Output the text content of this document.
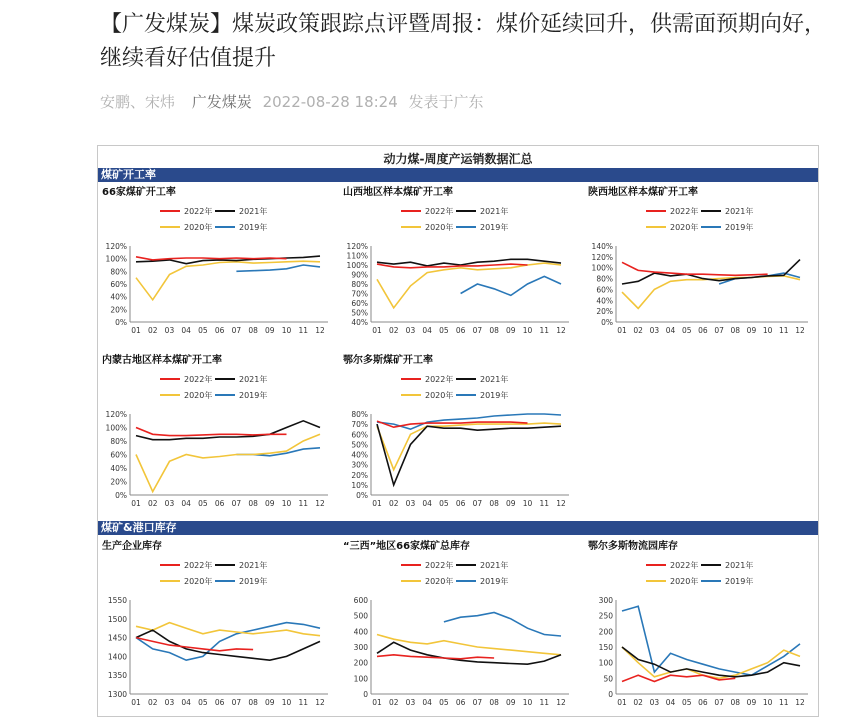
【广发煤炭】煤炭政策跟踪点评暨周报：煤价延续回升，供需面预期向好，继续看好估值提升
安鹏、宋炜 广发煤炭 2022-08-28 18:24 发表于广东
动力煤-周度产运销数据汇总
煤矿开工率
煤矿&港口库存
66家煤矿开工率
2022年	2021年
2020年	2019年
0%
20%
40%
60%
80%
100%
120%
01 02 03 04 05 06 07 08 09 10 11 12
山西地区样本煤矿开工率
2022年	2021年
2020年	2019年
40%
50%
60%
70%
80%
90%
100%
110%
120%
01 02 03 04 05 06 07 08 09 10 11 12
陕西地区样本煤矿开工率
2022年	2021年
2020年	2019年
0%
20%
40%
60%
80%
100%
120%
140%
01 02 03 04 05 06 07 08 09 10 11 12
内蒙古地区样本煤矿开工率
2022年	2021年
2020年	2019年
0%
20%
40%
60%
80%
100%
120%
01 02 03 04 05 06 07 08 09 10 11 12
鄂尔多斯煤矿开工率
2022年	2021年
2020年	2019年
0%
10%
20%
30%
40%
50%
60%
70%
80%
01 02 03 04 05 06 07 08 09 10 11 12
生产企业库存
2022年	2021年
2020年	2019年
1300
1350
1400
1450
1500
1550
01 02 03 04 05 06 07 08 09 10 11 12
“三西”地区66家煤矿总库存
2022年	2021年
2020年	2019年
0
100
200
300
400
500
600
01 02 03 04 05 06 07 08 09 10 11 12
鄂尔多斯物流园库存
2022年	2021年
2020年	2019年
0
50
100
150
200
250
300
01 02 03 04 05 06 07 08 09 10 11 12
